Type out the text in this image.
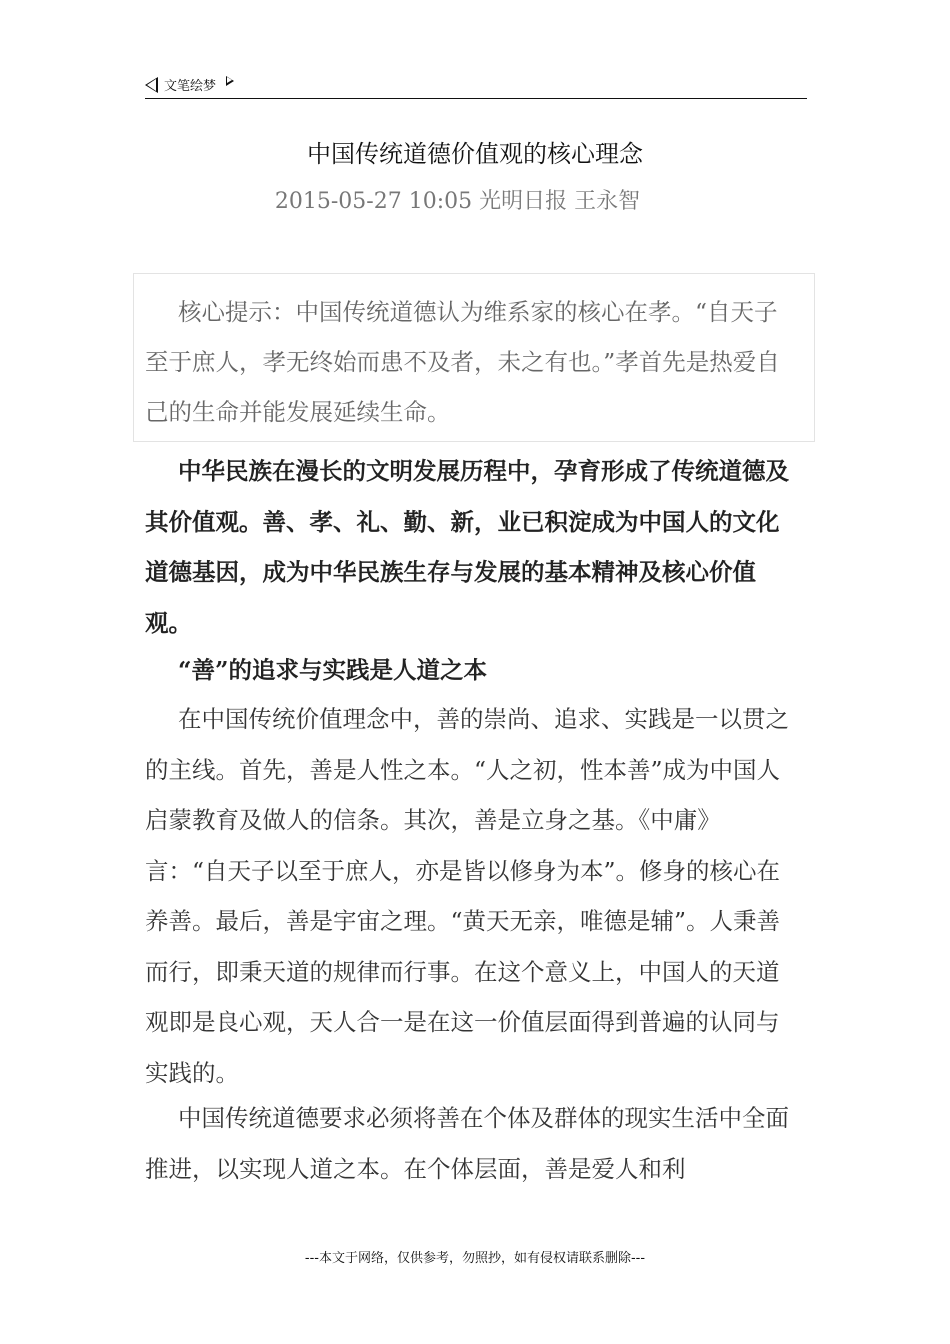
文笔绘梦
中国传统道德价值观的核心理念
2015-05-27 10:05 光明日报 王永智

核心提示：中国传统道德认为维系家的核心在孝。“自天子至于庶人，孝无终始而患不及者，未之有也。”孝首先是热爱自己的生命并能发展延续生命。

中华民族在漫长的文明发展历程中，孕育形成了传统道德及其价值观。善、孝、礼、勤、新，业已积淀成为中国人的文化道德基因，成为中华民族生存与发展的基本精神及核心价值观。

“善”的追求与实践是人道之本

在中国传统价值理念中，善的崇尚、追求、实践是一以贯之的主线。首先，善是人性之本。“人之初，性本善”成为中国人启蒙教育及做人的信条。其次，善是立身之基。《中庸》言：“自天子以至于庶人，亦是皆以修身为本”。修身的核心在养善。最后，善是宇宙之理。“黄天无亲，唯德是辅”。人秉善而行，即秉天道的规律而行事。在这个意义上，中国人的天道观即是良心观，天人合一是在这一价值层面得到普遍的认同与实践的。

中国传统道德要求必须将善在个体及群体的现实生活中全面推进，以实现人道之本。在个体层面，善是爱人和利

---本文于网络，仅供参考，勿照抄，如有侵权请联系删除---
